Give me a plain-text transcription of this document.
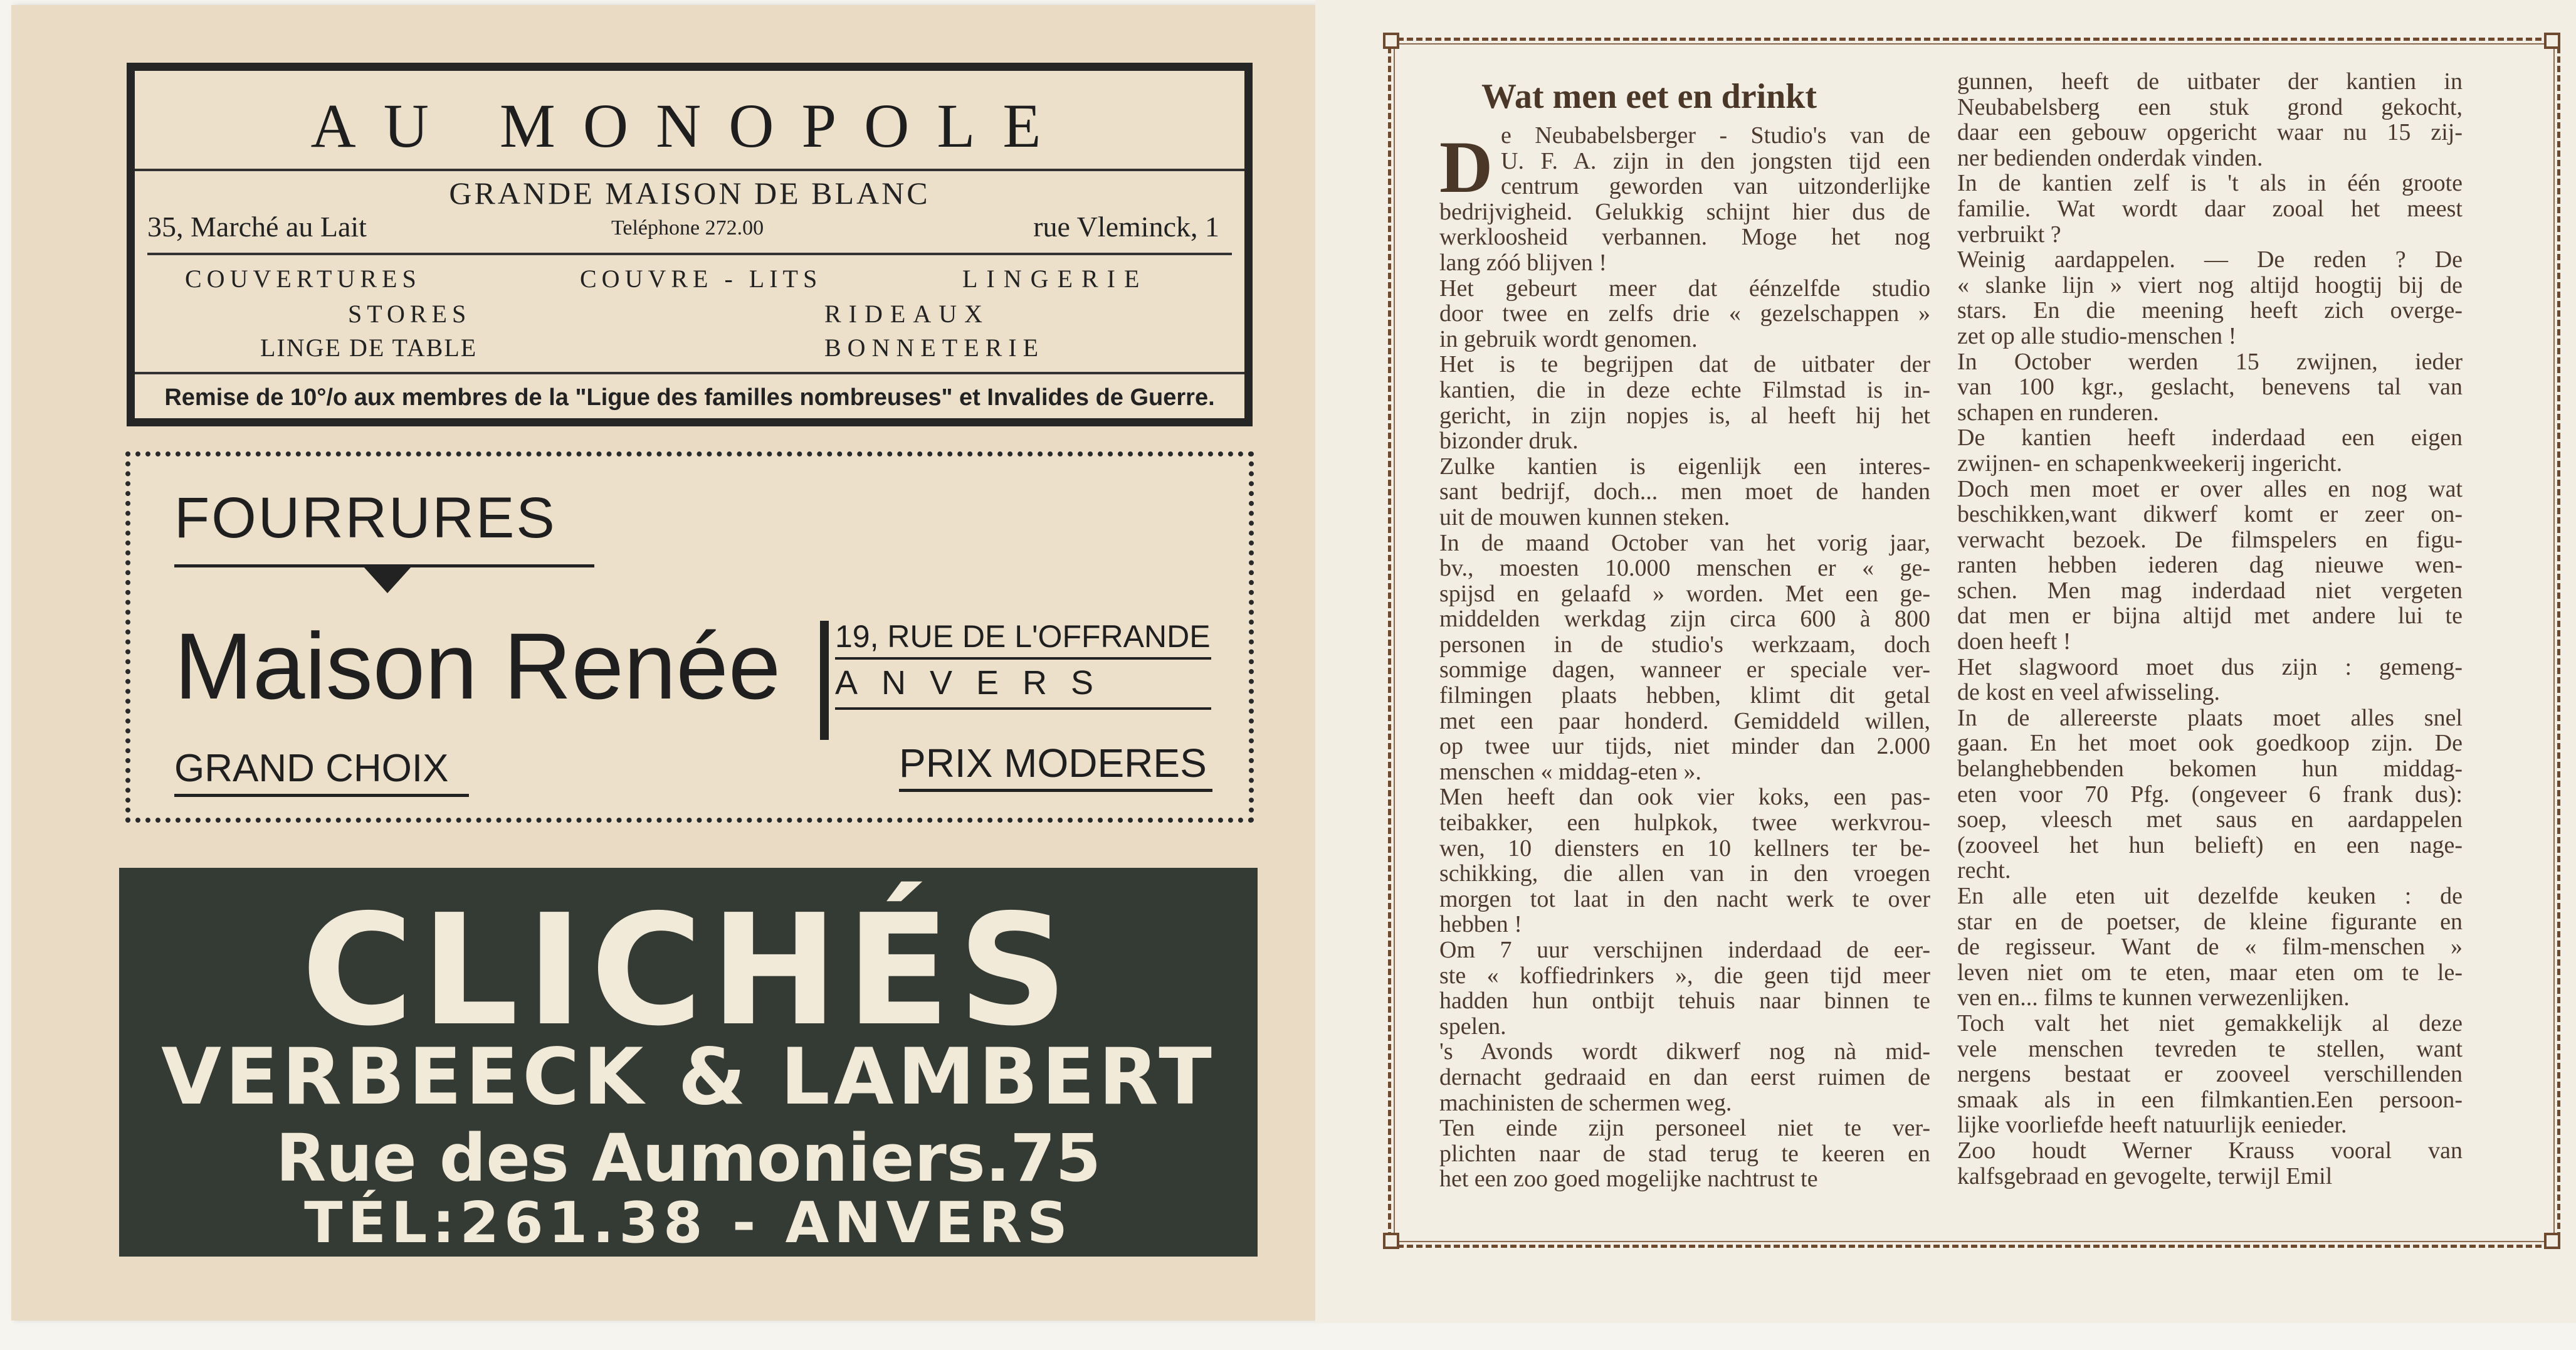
AU MONOPOLE
GRANDE MAISON DE BLANC
35, Marché au Lait	Teléphone 272.00	rue Vleminck, 1
COUVERTURES	COUVRE - LITS	LINGERIE
STORES	RIDEAUX
LINGE DE TABLE	BONNETERIE
Remise de 10°/o aux membres de la "Ligue des familles nombreuses" et Invalides de Guerre.
FOURRURES
Maison Renée
GRAND CHOIX
19, RUE DE L'OFFRANDE
ANVERS
PRIX MODERES
CLICHÉS
VERBEECK & LAMBERT
Rue des Aumoniers.75
TÉL:261.38 - ANVERS
Wat men eet en drinkt
D e Neubabelsberger - Studio's van de
U. F. A. zijn in den jongsten tijd een
centrum geworden van uitzonderlijke
bedrijvigheid. Gelukkig schijnt hier dus de
werkloosheid verbannen. Moge het nog
lang zóó blijven !
Het gebeurt meer dat éénzelfde studio
door twee en zelfs drie « gezelschappen »
in gebruik wordt genomen.
Het is te begrijpen dat de uitbater der
kantien, die in deze echte Filmstad is in-
gericht, in zijn nopjes is, al heeft hij het
bizonder druk.
Zulke kantien is eigenlijk een interes-
sant bedrijf, doch... men moet de handen
uit de mouwen kunnen steken.
In de maand October van het vorig jaar,
bv., moesten 10.000 menschen er « ge-
spijsd en gelaafd » worden. Met een ge-
middelden werkdag zijn circa 600 à 800
personen in de studio's werkzaam, doch
sommige dagen, wanneer er speciale ver-
filmingen plaats hebben, klimt dit getal
met een paar honderd. Gemiddeld willen,
op twee uur tijds, niet minder dan 2.000
menschen « middag-eten ».
Men heeft dan ook vier koks, een pas-
teibakker, een hulpkok, twee werkvrou-
wen, 10 diensters en 10 kellners ter be-
schikking, die allen van in den vroegen
morgen tot laat in den nacht werk te over
hebben !
Om 7 uur verschijnen inderdaad de eer-
ste « koffiedrinkers », die geen tijd meer
hadden hun ontbijt tehuis naar binnen te
spelen.
's Avonds wordt dikwerf nog nà mid-
dernacht gedraaid en dan eerst ruimen de
machinisten de schermen weg.
Ten einde zijn personeel niet te ver-
plichten naar de stad terug te keeren en
het een zoo goed mogelijke nachtrust te
gunnen, heeft de uitbater der kantien in
Neubabelsberg een stuk grond gekocht,
daar een gebouw opgericht waar nu 15 zij-
ner bedienden onderdak vinden.
In de kantien zelf is 't als in één groote
familie. Wat wordt daar zooal het meest
verbruikt ?
Weinig aardappelen. — De reden ? De
« slanke lijn » viert nog altijd hoogtij bij de
stars. En die meening heeft zich overge-
zet op alle studio-menschen !
In October werden 15 zwijnen, ieder
van 100 kgr., geslacht, benevens tal van
schapen en runderen.
De kantien heeft inderdaad een eigen
zwijnen- en schapenkweekerij ingericht.
Doch men moet er over alles en nog wat
beschikken,want dikwerf komt er zeer on-
verwacht bezoek. De filmspelers en figu-
ranten hebben iederen dag nieuwe wen-
schen. Men mag inderdaad niet vergeten
dat men er bijna altijd met andere lui te
doen heeft !
Het slagwoord moet dus zijn : gemeng-
de kost en veel afwisseling.
In de allereerste plaats moet alles snel
gaan. En het moet ook goedkoop zijn. De
belanghebbenden bekomen hun middag-
eten voor 70 Pfg. (ongeveer 6 frank dus):
soep, vleesch met saus en aardappelen
(zooveel het hun belieft) en een nage-
recht.
En alle eten uit dezelfde keuken : de
star en de poetser, de kleine figurante en
de regisseur. Want de « film-menschen »
leven niet om te eten, maar eten om te le-
ven en... films te kunnen verwezenlijken.
Toch valt het niet gemakkelijk al deze
vele menschen tevreden te stellen, want
nergens bestaat er zooveel verschillenden
smaak als in een filmkantien.Een persoon-
lijke voorliefde heeft natuurlijk eenieder.
Zoo houdt Werner Krauss vooral van
kalfsgebraad en gevogelte, terwijl Emil
